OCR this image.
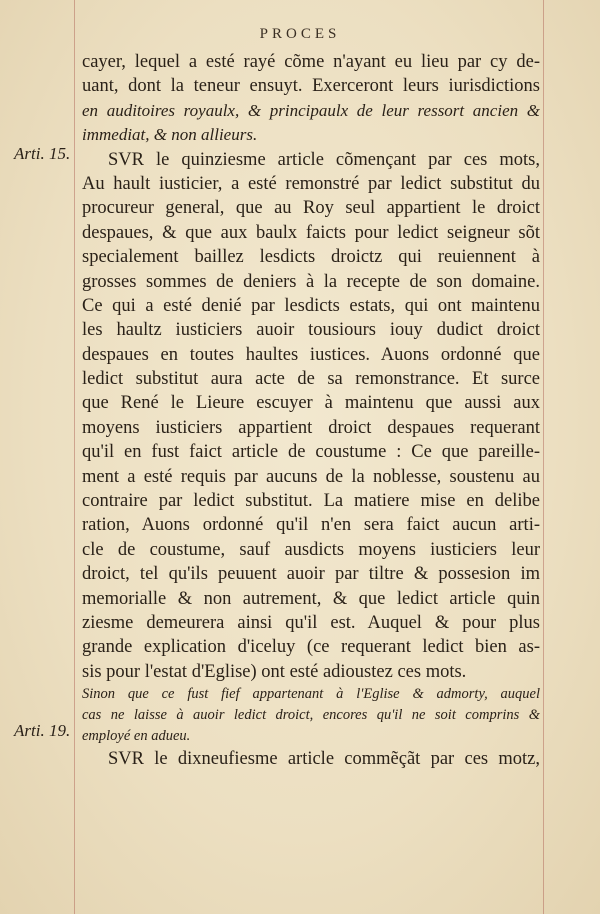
PROCES
Arti. 15.
Arti. 19.
cayer, lequel a esté rayé cõme n'ayant eu lieu par cy de-
uant, dont la teneur ensuyt. Exerceront leurs iurisdictions
en auditoires royaulx, & principaulx de leur ressort ancien &
immediat, & non allieurs.
SVR le quinziesme article cõmençant par ces mots,
Au hault iusticier, a esté remonstré par ledict substitut du
procureur general, que au Roy seul appartient le droict
despaues, & que aux baulx faicts pour ledict seigneur sõt
specialement baillez lesdicts droictz qui reuiennent à
grosses sommes de deniers à la recepte de son domaine.
Ce qui a esté denié par lesdicts estats, qui ont maintenu
les haultz iusticiers auoir tousiours iouy dudict droict
despaues en toutes haultes iustices. Auons ordonné que
ledict substitut aura acte de sa remonstrance. Et surce
que René le Lieure escuyer à maintenu que aussi aux
moyens iusticiers appartient droict despaues requerant
qu'il en fust faict article de coustume : Ce que pareille-
ment a esté requis par aucuns de la noblesse, soustenu au
contraire par ledict substitut. La matiere mise en delibe
ration, Auons ordonné qu'il n'en sera faict aucun arti-
cle de coustume, sauf ausdicts moyens iusticiers leur
droict, tel qu'ils peuuent auoir par tiltre & possesion im
memorialle & non autrement, & que ledict article quin
ziesme demeurera ainsi qu'il est. Auquel & pour plus
grande explication d'iceluy (ce requerant ledict bien as-
sis pour l'estat d'Eglise) ont esté adioustez ces mots.
Sinon que ce fust fief appartenant à l'Eglise & admorty, auquel
cas ne laisse à auoir ledict droict, encores qu'il ne soit comprins &
employé en adueu.
SVR le dixneufiesme article commẽçãt par ces motz,
